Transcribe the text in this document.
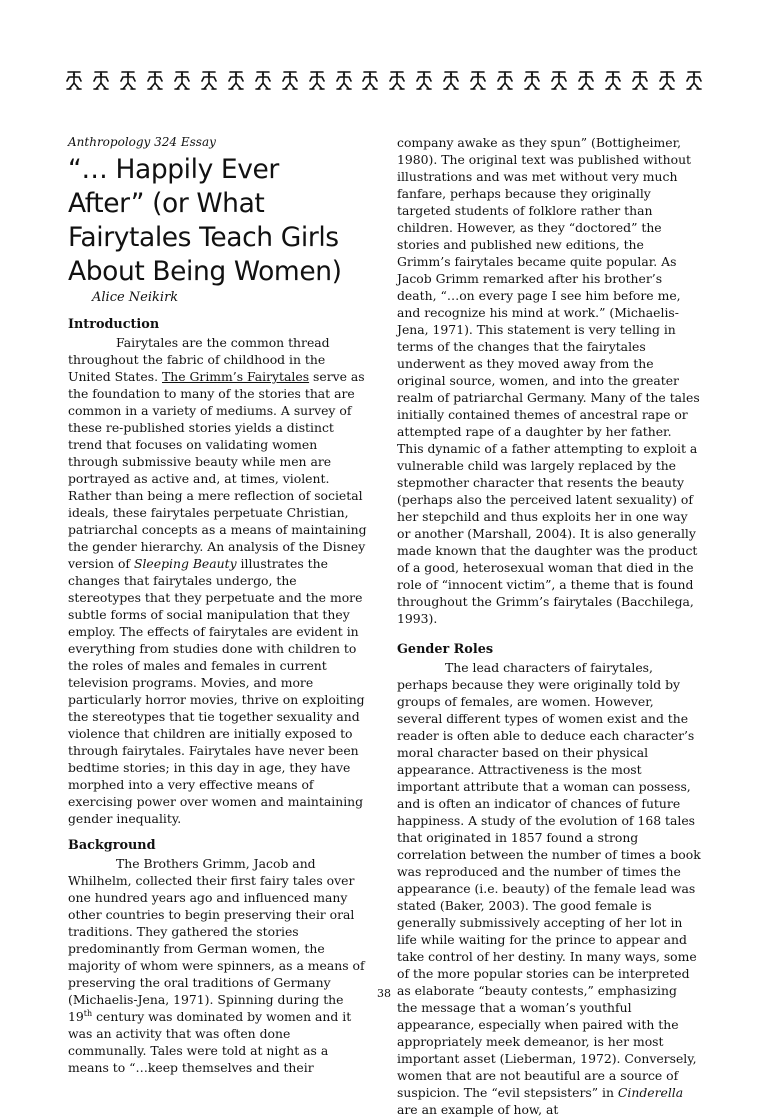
Anthropology 324 Essay
“… Happily Ever
After” (or What
Fairytales Teach Girls
About Being Women)
Alice Neikirk
Introduction

Fairytales are the common thread throughout the fabric of childhood in the United States. The Grimm’s Fairytales serve as the foundation to many of the stories that are common in a variety of mediums. A survey of these re-published stories yields a distinct trend that focuses on validating women through submissive beauty while men are portrayed as active and, at times, violent. Rather than being a mere reflection of societal ideals, these fairytales perpetuate Christian, patriarchal concepts as a means of maintaining the gender hierarchy. An analysis of the Disney version of Sleeping Beauty illustrates the changes that fairytales undergo, the stereotypes that they perpetuate and the more subtle forms of social manipulation that they employ. The effects of fairytales are evident in everything from studies done with children to the roles of males and females in current television programs. Movies, and more particularly horror movies, thrive on exploiting the stereotypes that tie together sexuality and violence that children are initially exposed to through fairytales. Fairytales have never been bedtime stories; in this day in age, they have morphed into a very effective means of exercising power over women and maintaining gender inequality.

Background

The Brothers Grimm, Jacob and Whilhelm, collected their first fairy tales over one hundred years ago and influenced many other countries to begin preserving their oral traditions. They gathered the stories predominantly from German women, the majority of whom were spinners, as a means of preserving the oral traditions of Germany (Michaelis-Jena, 1971). Spinning during the 19th century was dominated by women and it was an activity that was often done communally. Tales were told at night as a means to “…keep themselves and their

company awake as they spun” (Bottigheimer, 1980). The original text was published without illustrations and was met without very much fanfare, perhaps because they originally targeted students of folklore rather than children. However, as they “doctored” the stories and published new editions, the Grimm’s fairytales became quite popular. As Jacob Grimm remarked after his brother’s death, “…on every page I see him before me, and recognize his mind at work.” (Michaelis-Jena, 1971). This statement is very telling in terms of the changes that the fairytales underwent as they moved away from the original source, women, and into the greater realm of patriarchal Germany. Many of the tales initially contained themes of ancestral rape or attempted rape of a daughter by her father. This dynamic of a father attempting to exploit a vulnerable child was largely replaced by the stepmother character that resents the beauty (perhaps also the perceived latent sexuality) of her stepchild and thus exploits her in one way or another (Marshall, 2004). It is also generally made known that the daughter was the product of a good, heterosexual woman that died in the role of “innocent victim”, a theme that is found throughout the Grimm’s fairytales (Bacchilega, 1993).

Gender Roles

The lead characters of fairytales, perhaps because they were originally told by groups of females, are women. However, several different types of women exist and the reader is often able to deduce each character’s moral character based on their physical appearance. Attractiveness is the most important attribute that a woman can possess, and is often an indicator of chances of future happiness. A study of the evolution of 168 tales that originated in 1857 found a strong correlation between the number of times a book was reproduced and the number of times the appearance (i.e. beauty) of the female lead was stated (Baker, 2003). The good female is generally submissively accepting of her lot in life while waiting for the prince to appear and take control of her destiny. In many ways, some of the more popular stories can be interpreted as elaborate “beauty contests,” emphasizing the message that a woman’s youthful appearance, especially when paired with the appropriately meek demeanor, is her most important asset (Lieberman, 1972). Conversely, women that are not beautiful are a source of suspicion. The “evil stepsisters” in Cinderella are an example of how, at

38
